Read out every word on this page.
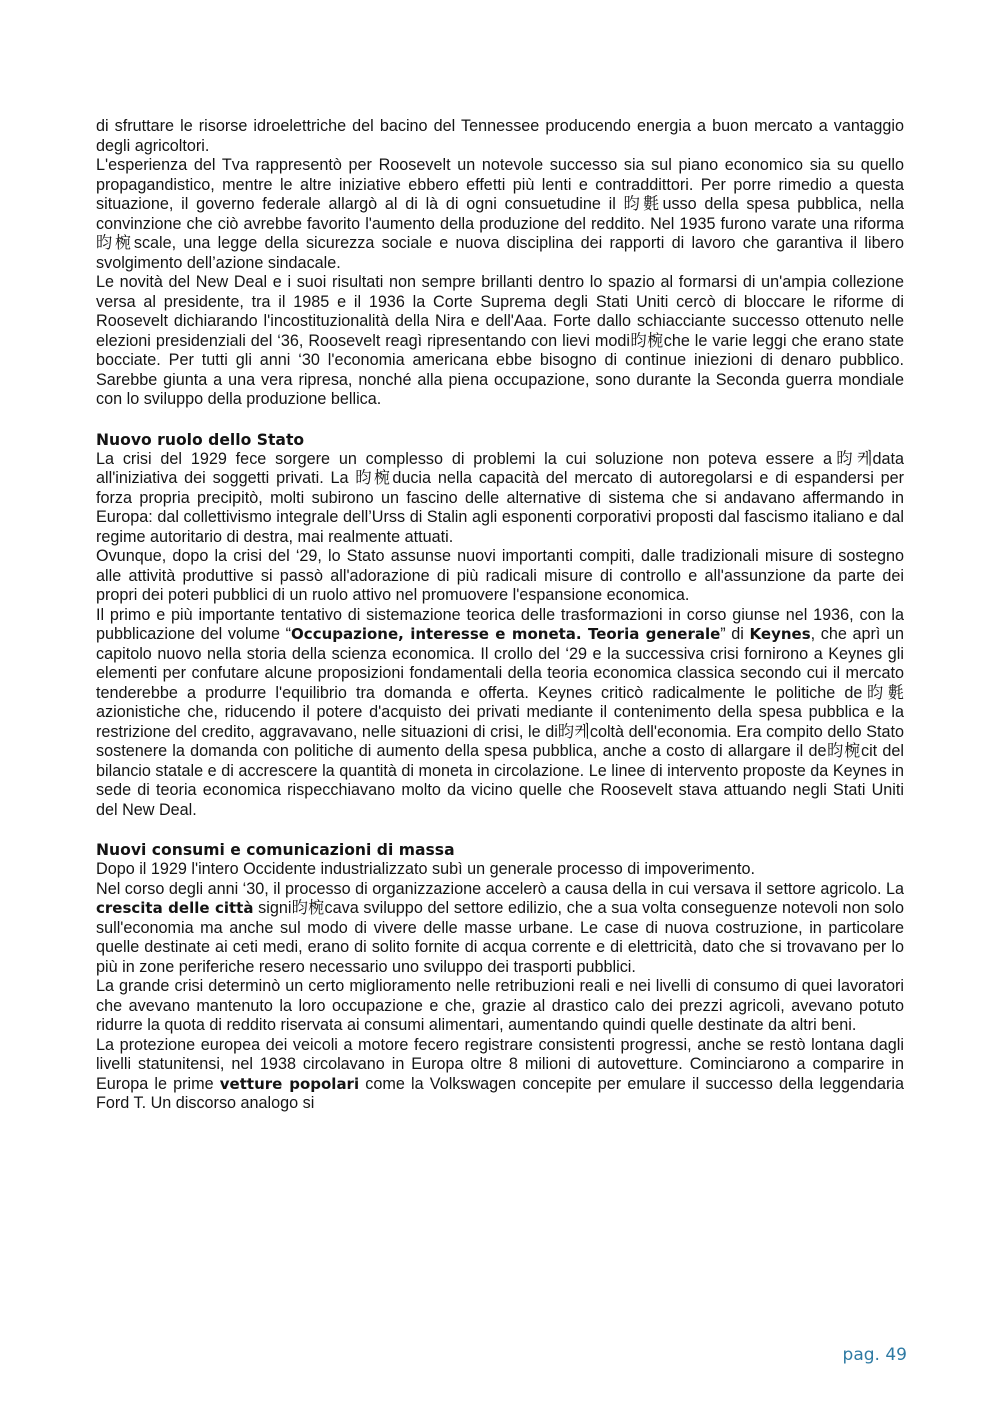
di sfruttare le risorse idroelettriche del bacino del Tennessee producendo energia a buon mercato a vantaggio degli agricoltori.

L'esperienza del Tva rappresentò per Roosevelt un notevole successo sia sul piano economico sia su quello propagandistico, mentre le altre iniziative ebbero effetti più lenti e contraddittori. Per porre rimedio a questa situazione, il governo federale allargò al di là di ogni consuetudine il 昀氀usso della spesa pubblica, nella convinzione che ciò avrebbe favorito l'aumento della produzione del reddito. Nel 1935 furono varate una riforma 昀椀scale, una legge della sicurezza sociale e nuova disciplina dei rapporti di lavoro che garantiva il libero svolgimento dell’azione sindacale.

Le novità del New Deal e i suoi risultati non sempre brillanti dentro lo spazio al formarsi di un'ampia collezione versa al presidente, tra il 1985 e il 1936 la Corte Suprema degli Stati Uniti cercò di bloccare le riforme di Roosevelt dichiarando l'incostituzionalità della Nira e dell'Aaa. Forte dallo schiacciante successo ottenuto nelle elezioni presidenziali del ‘36, Roosevelt reagì ripresentando con lievi modi昀椀che le varie leggi che erano state bocciate. Per tutti gli anni ‘30 l'economia americana ebbe bisogno di continue iniezioni di denaro pubblico. Sarebbe giunta a una vera ripresa, nonché alla piena occupazione, sono durante la Seconda guerra mondiale con lo sviluppo della produzione bellica.

Nuovo ruolo dello Stato

La crisi del 1929 fece sorgere un complesso di problemi la cui soluzione non poteva essere a昀케data all'iniziativa dei soggetti privati. La 昀椀ducia nella capacità del mercato di autoregolarsi e di espandersi per forza propria precipitò, molti subirono un fascino delle alternative di sistema che si andavano affermando in Europa: dal collettivismo integrale dell’Urss di Stalin agli esponenti corporativi proposti dal fascismo italiano e dal regime autoritario di destra, mai realmente attuati.

Ovunque, dopo la crisi del ‘29, lo Stato assunse nuovi importanti compiti, dalle tradizionali misure di sostegno alle attività produttive si passò all'adorazione di più radicali misure di controllo e all'assunzione da parte dei propri dei poteri pubblici di un ruolo attivo nel promuovere l'espansione economica.

Il primo e più importante tentativo di sistemazione teorica delle trasformazioni in corso giunse nel 1936, con la pubblicazione del volume “Occupazione, interesse e moneta. Teoria generale” di Keynes, che aprì un capitolo nuovo nella storia della scienza economica. Il crollo del ‘29 e la successiva crisi fornirono a Keynes gli elementi per confutare alcune proposizioni fondamentali della teoria economica classica secondo cui il mercato tenderebbe a produrre l'equilibrio tra domanda e offerta. Keynes criticò radicalmente le politiche de昀氀azionistiche che, riducendo il potere d'acquisto dei privati mediante il contenimento della spesa pubblica e la restrizione del credito, aggravavano, nelle situazioni di crisi, le di昀케coltà dell'economia. Era compito dello Stato sostenere la domanda con politiche di aumento della spesa pubblica, anche a costo di allargare il de昀椀cit del bilancio statale e di accrescere la quantità di moneta in circolazione. Le linee di intervento proposte da Keynes in sede di teoria economica rispecchiavano molto da vicino quelle che Roosevelt stava attuando negli Stati Uniti del New Deal.

Nuovi consumi e comunicazioni di massa

Dopo il 1929 l'intero Occidente industrializzato subì un generale processo di impoverimento.

Nel corso degli anni ‘30, il processo di organizzazione accelerò a causa della in cui versava il settore agricolo. La crescita delle città signi昀椀cava sviluppo del settore edilizio, che a sua volta conseguenze notevoli non solo sull'economia ma anche sul modo di vivere delle masse urbane. Le case di nuova costruzione, in particolare quelle destinate ai ceti medi, erano di solito fornite di acqua corrente e di elettricità, dato che si trovavano per lo più in zone periferiche resero necessario uno sviluppo dei trasporti pubblici.

La grande crisi determinò un certo miglioramento nelle retribuzioni reali e nei livelli di consumo di quei lavoratori che avevano mantenuto la loro occupazione e che, grazie al drastico calo dei prezzi agricoli, avevano potuto ridurre la quota di reddito riservata ai consumi alimentari, aumentando quindi quelle destinate da altri beni.

La protezione europea dei veicoli a motore fecero registrare consistenti progressi, anche se restò lontana dagli livelli statunitensi, nel 1938 circolavano in Europa oltre 8 milioni di autovetture. Cominciarono a comparire in Europa le prime vetture popolari come la Volkswagen concepite per emulare il successo della leggendaria Ford T. Un discorso analogo si

pag. 49
